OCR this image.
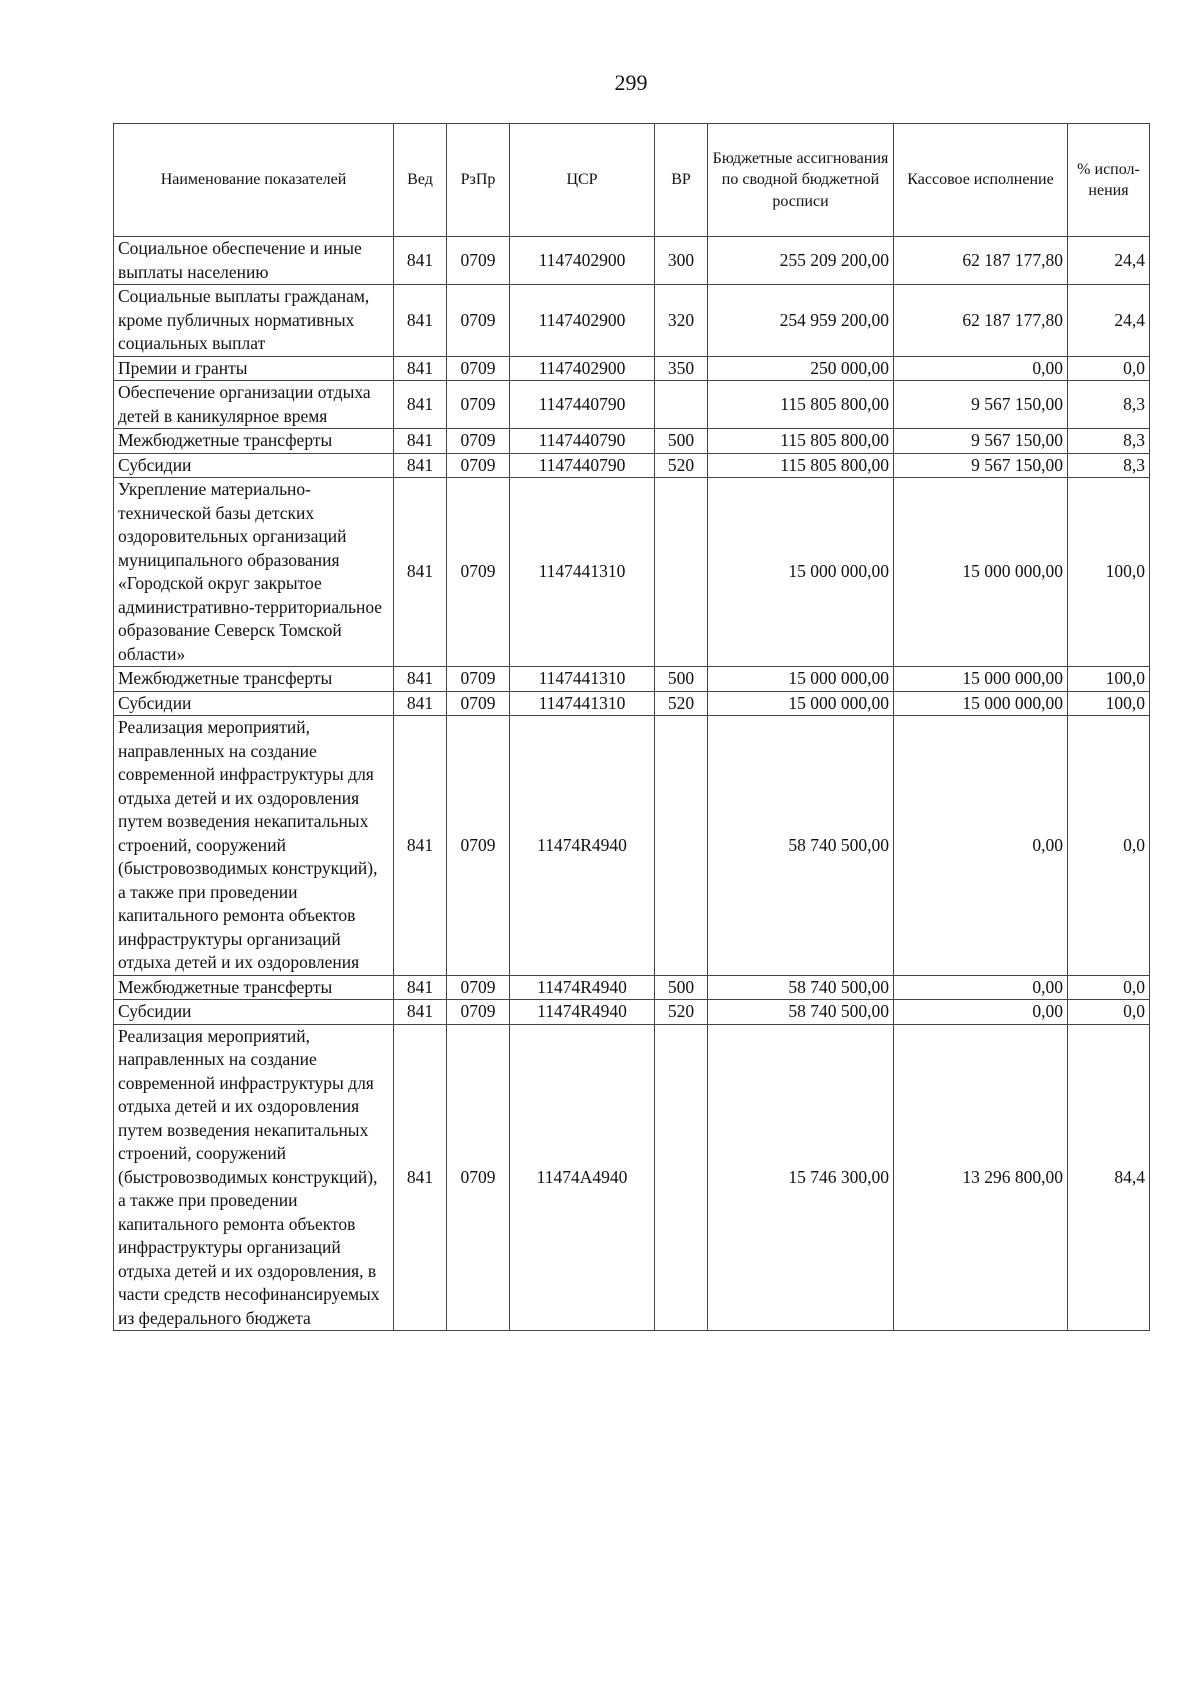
299
Наименование показателей	Вед	РзПр	ЦСР	ВР	Бюджетные ассигнования по сводной бюджетной росписи	Кассовое исполнение	% испол-нения
Социальное обеспечение и иные выплаты населению	841	0709	1147402900	300	255 209 200,00	62 187 177,80	24,4
Социальные выплаты гражданам, кроме публичных нормативных социальных выплат	841	0709	1147402900	320	254 959 200,00	62 187 177,80	24,4
Премии и гранты	841	0709	1147402900	350	250 000,00	0,00	0,0
Обеспечение организации отдыха детей в каникулярное время	841	0709	1147440790		115 805 800,00	9 567 150,00	8,3
Межбюджетные трансферты	841	0709	1147440790	500	115 805 800,00	9 567 150,00	8,3
Субсидии	841	0709	1147440790	520	115 805 800,00	9 567 150,00	8,3
Укрепление материально-технической базы детских оздоровительных организаций муниципального образования «Городской округ закрытое административно-территориальное образование Северск Томской области»	841	0709	1147441310		15 000 000,00	15 000 000,00	100,0
Межбюджетные трансферты	841	0709	1147441310	500	15 000 000,00	15 000 000,00	100,0
Субсидии	841	0709	1147441310	520	15 000 000,00	15 000 000,00	100,0
Реализация мероприятий, направленных на создание современной инфраструктуры для отдыха детей и их оздоровления путем возведения некапитальных строений, сооружений (быстровозводимых конструкций), а также при проведении капитального ремонта объектов инфраструктуры организаций отдыха детей и их оздоровления	841	0709	11474R4940		58 740 500,00	0,00	0,0
Межбюджетные трансферты	841	0709	11474R4940	500	58 740 500,00	0,00	0,0
Субсидии	841	0709	11474R4940	520	58 740 500,00	0,00	0,0
Реализация мероприятий, направленных на создание современной инфраструктуры для отдыха детей и их оздоровления путем возведения некапитальных строений, сооружений (быстровозводимых конструкций), а также при проведении капитального ремонта объектов инфраструктуры организаций отдыха детей и их оздоровления, в части средств несофинансируемых из федерального бюджета	841	0709	11474A4940		15 746 300,00	13 296 800,00	84,4
